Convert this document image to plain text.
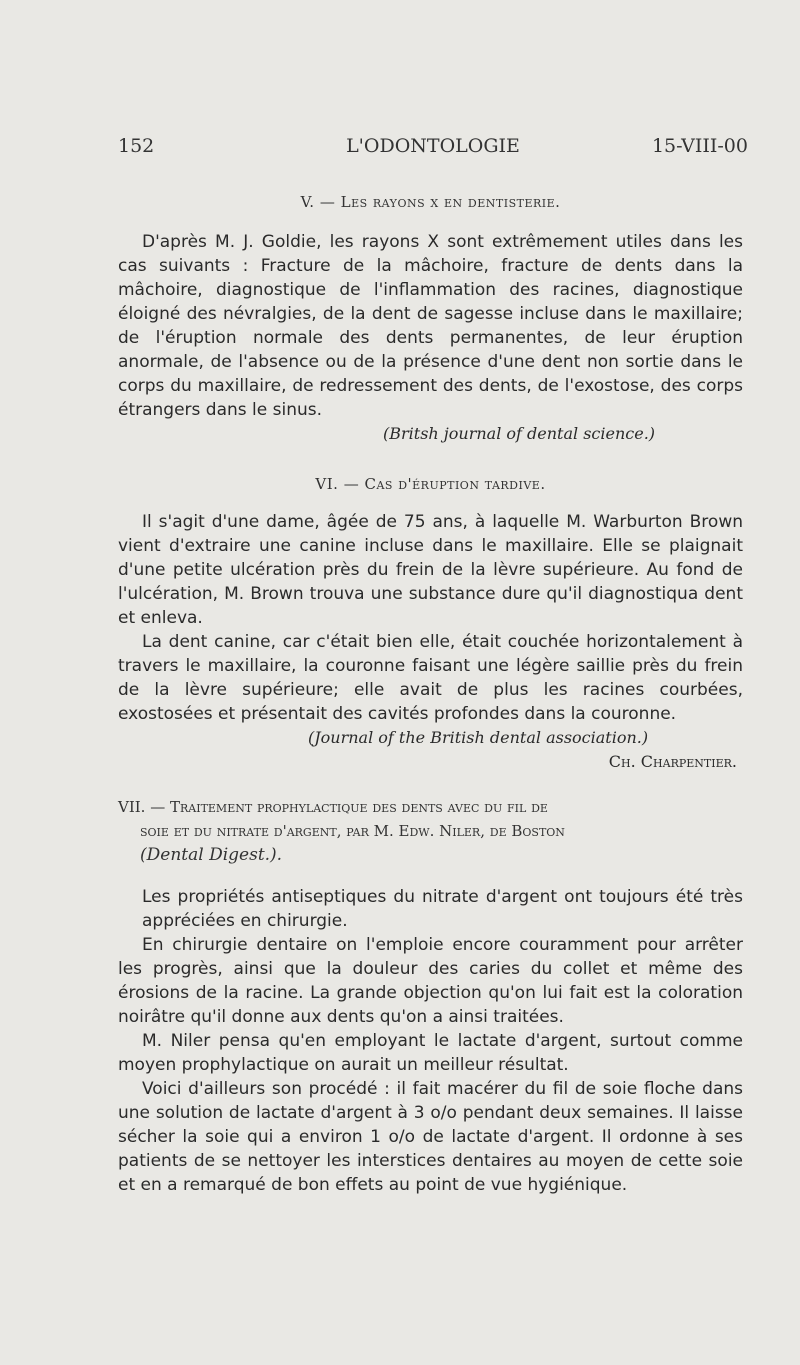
152	L'ODONTOLOGIE	15-VIII-00
V. — Les rayons x en dentisterie.

D'après M. J. Goldie, les rayons X sont extrêmement utiles dans les cas suivants : Fracture de la mâchoire, fracture de dents dans la mâchoire, diagnostique de l'inflammation des racines, diagnostique éloigné des névralgies, de la dent de sagesse incluse dans le maxillaire; de l'éruption normale des dents permanentes, de leur éruption anormale, de l'absence ou de la présence d'une dent non sortie dans le corps du maxillaire, de redressement des dents, de l'exostose, des corps étrangers dans le sinus.

(Britsh journal of dental science.)
VI. — Cas d'éruption tardive.

Il s'agit d'une dame, âgée de 75 ans, à laquelle M. Warburton Brown vient d'extraire une canine incluse dans le maxillaire. Elle se plaignait d'une petite ulcération près du frein de la lèvre supérieure. Au fond de l'ulcération, M. Brown trouva une substance dure qu'il diagnostiqua dent et enleva.

La dent canine, car c'était bien elle, était couchée horizontalement à travers le maxillaire, la couronne faisant une légère saillie près du frein de la lèvre supérieure; elle avait de plus les racines courbées, exostosées et présentait des cavités profondes dans la couronne.

(Journal of the British dental association.)
Ch. Charpentier.
VII. — Traitement prophylactique des dents avec du fil de
soie et du nitrate d'argent, par M. Edw. Niler, de Boston
(Dental Digest.).

Les propriétés antiseptiques du nitrate d'argent ont toujours été très appréciées en chirurgie.

En chirurgie dentaire on l'emploie encore couramment pour arrêter les progrès, ainsi que la douleur des caries du collet et même des érosions de la racine. La grande objection qu'on lui fait est la coloration noirâtre qu'il donne aux dents qu'on a ainsi traitées.

M. Niler pensa qu'en employant le lactate d'argent, surtout comme moyen prophylactique on aurait un meilleur résultat.

Voici d'ailleurs son procédé : il fait macérer du fil de soie floche dans une solution de lactate d'argent à 3 o/o pendant deux semaines. Il laisse sécher la soie qui a environ 1 o/o de lactate d'argent. Il ordonne à ses patients de se nettoyer les interstices dentaires au moyen de cette soie et en a remarqué de bon effets au point de vue hygiénique.
